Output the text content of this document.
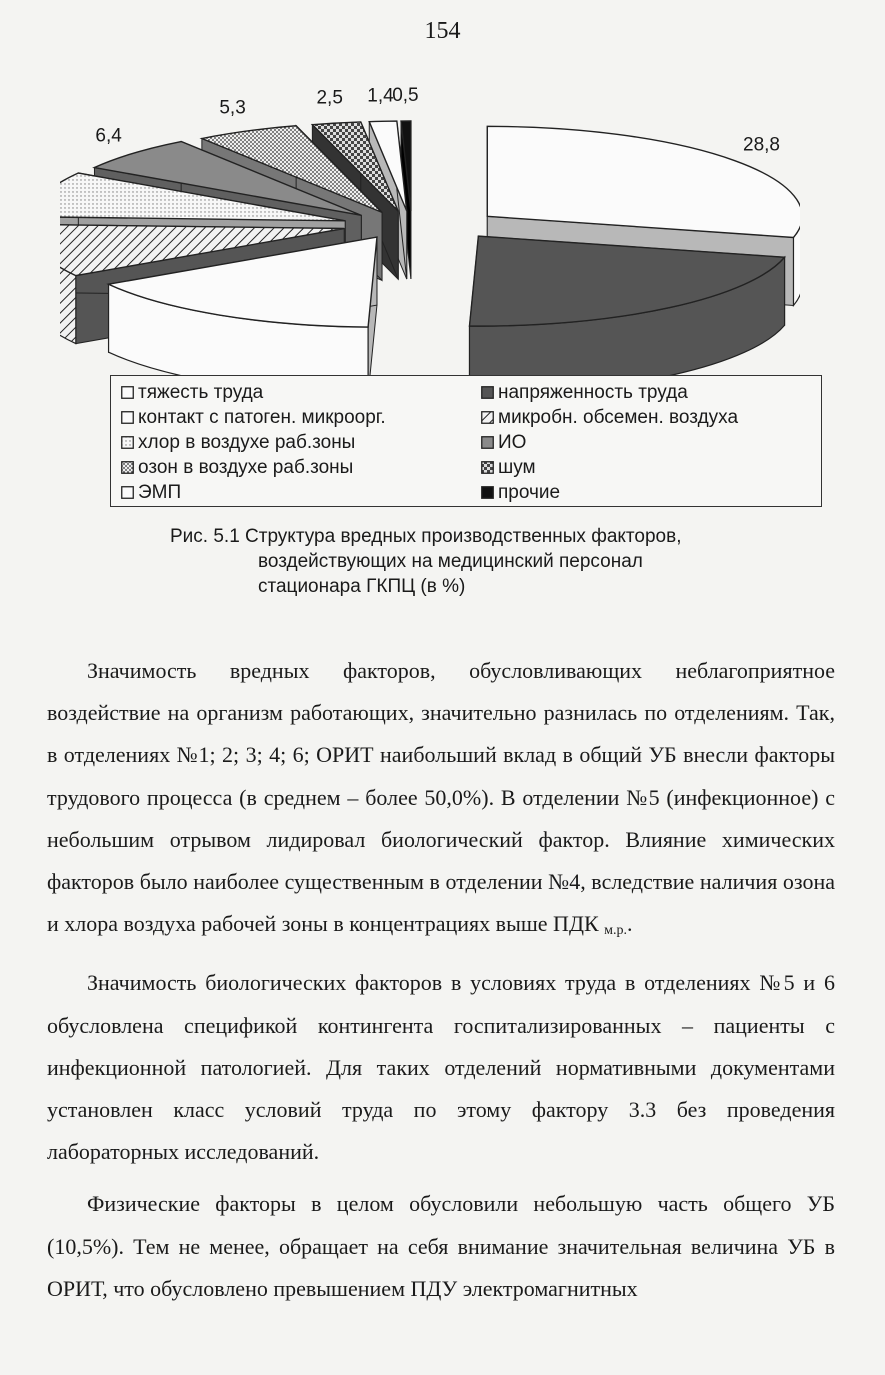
154
28,8
6,4
5,3	2,5 1,4
0,5
тяжесть труда	напряженность труда
контакт с патоген. микроорг.	микробн. обсемен. воздуха
хлор в воздухе раб.зоны	ИО
озон в воздухе раб.зоны	шум
ЭМП	прочие
Рис. 5.1 Структура вредных производственных факторов,
воздействующих на медицинский персонал
стационара ГКПЦ (в %)

Значимость вредных факторов, обусловливающих неблагоприятное воздействие на организм работающих, значительно разнилась по отделениям. Так, в отделениях №1; 2; 3; 4; 6; ОРИТ наибольший вклад в общий УБ внесли факторы трудового процесса (в среднем – более 50,0%). В отделении №5 (инфекционное) с небольшим отрывом лидировал биологический фактор. Влияние химических факторов было наиболее существенным в отделении №4, вследствие наличия озона и хлора воздуха рабочей зоны в концентрациях выше ПДК $_{м.р.}$.

Значимость биологических факторов в условиях труда в отделениях №5 и 6 обусловлена спецификой контингента госпитализированных – пациенты с инфекционной патологией. Для таких отделений нормативными документами установлен класс условий труда по этому фактору 3.3 без проведения лабораторных исследований.

Физические факторы в целом обусловили небольшую часть общего УБ (10,5%). Тем не менее, обращает на себя внимание значительная величина УБ в ОРИТ, что обусловлено превышением ПДУ электромагнитных
